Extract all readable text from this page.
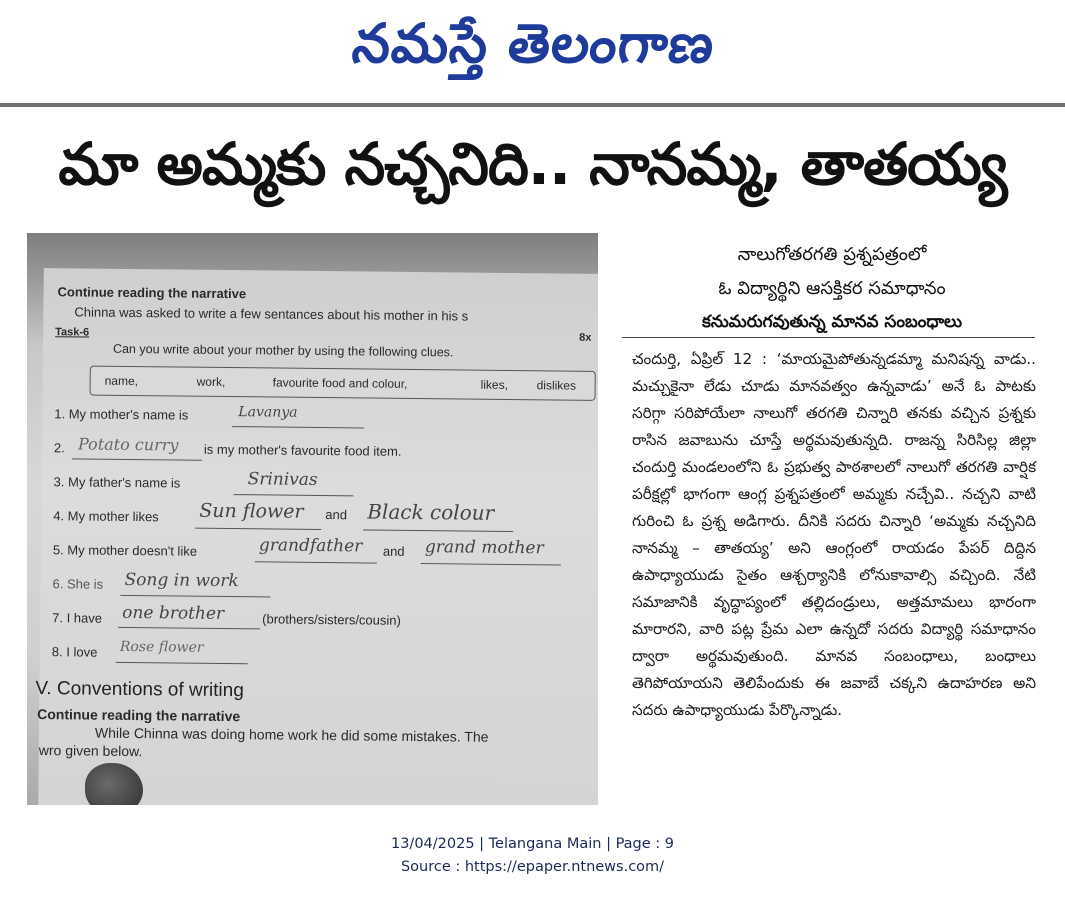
నమస్తే తెలంగాణ
మా అమ్మకు నచ్చనిది.. నానమ్మ, తాతయ్య
Continue reading the narrative
Chinna was asked to write a few sentances about his mother in his s
Task-6	8x
Can you write about your mother by using the following clues.
name,	work,	favourite food and colour,	likes, dislikes
1. My mother's name is	Lavanya
2. Potato curry is my mother's favourite food item.
3. My father's name is	Srinivas
4. My mother likes Sun flower and Black colour
5. My mother doesn't like	grandfather and grand mother
6. She is Song in work
7. I have one brother	(brothers/sisters/cousin)
8. I love Rose flower
V. Conventions of writing
Continue reading the narrative
While Chinna was doing home work he did some mistakes. The
wro given below.
నాలుగోతరగతి ప్రశ్నపత్రంలో
ఓ విద్యార్థిని ఆసక్తికర సమాధానం
కనుమరుగవుతున్న మానవ సంబంధాలు

చందుర్తి, ఏప్రిల్ 12 : ‘మాయమైపోతున్నడమ్మా మనిషన్న వాడు.. మచ్చుకైనా లేడు చూడు మానవత్వం ఉన్నవాడు’ అనే ఓ పాటకు సరిగ్గా సరిపోయేలా నాలుగో తరగతి చిన్నారి తనకు వచ్చిన ప్రశ్నకు రాసిన జవాబును చూస్తే అర్థమవుతున్నది. రాజన్న సిరిసిల్ల జిల్లా చందుర్తి మండలంలోని ఓ ప్రభుత్వ పాఠశాలలో నాలుగో తరగతి వార్షిక పరీక్షల్లో భాగంగా ఆంగ్ల ప్రశ్నపత్రంలో అమ్మకు నచ్చేవి.. నచ్చని వాటి గురించి ఓ ప్రశ్న అడిగారు. దీనికి సదరు చిన్నారి ‘అమ్మకు నచ్చనిది నానమ్మ – తాతయ్య’ అని ఆంగ్లంలో రాయడం పేపర్ దిద్దిన ఉపాధ్యాయుడు సైతం ఆశ్చర్యానికి లోనుకావాల్సి వచ్చింది. నేటి సమాజానికి వృద్ధాప్యంలో తల్లిదండ్రులు, అత్తమామలు భారంగా మారారని, వారి పట్ల ప్రేమ ఎలా ఉన్నదో సదరు విద్యార్థి సమాధానం ద్వారా అర్థమవుతుంది. మానవ సంబంధాలు, బంధాలు తెగిపోయాయని తెలిపేందుకు ఈ జవాబే చక్కని ఉదాహరణ అని సదరు ఉపాధ్యాయుడు పేర్కొన్నాడు.

13/04/2025 | Telangana Main | Page : 9
Source : https://epaper.ntnews.com/
